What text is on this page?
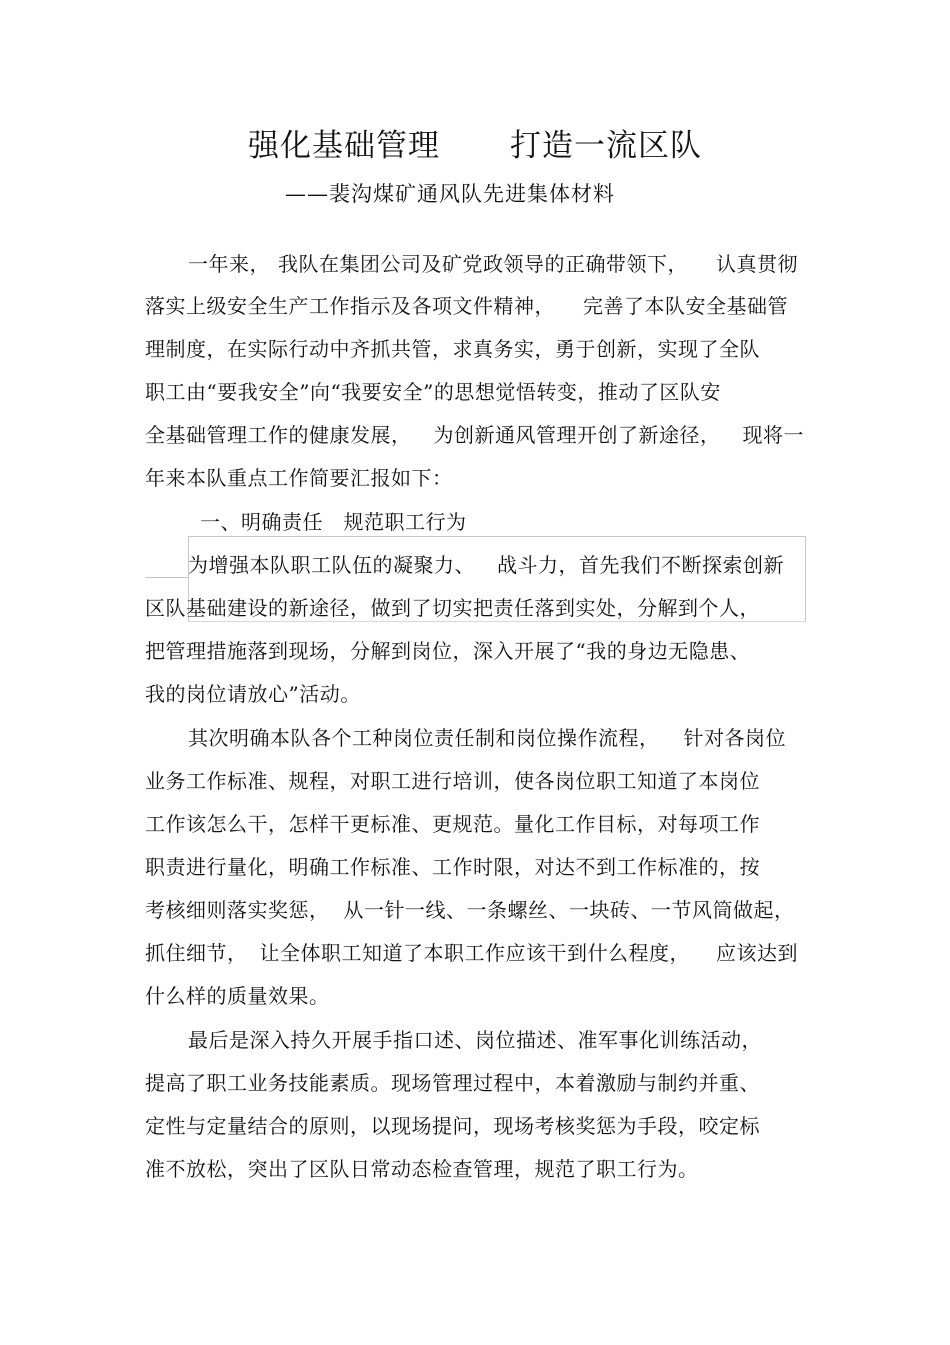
强化基础管理 打造一流区队
——裴沟煤矿通风队先进集体材料
一年来， 我队在集团公司及矿党政领导的正确带领下， 认真贯彻
落实上级安全生产工作指示及各项文件精神， 完善了本队安全基础管
理制度，在实际行动中齐抓共管，求真务实，勇于创新，实现了全队
职工由“要我安全”向“我要安全”的思想觉悟转变，推动了区队安
全基础管理工作的健康发展， 为创新通风管理开创了新途径， 现将一
年来本队重点工作简要汇报如下：
一、明确责任　规范职工行为
为增强本队职工队伍的凝聚力、 战斗力，首先我们不断探索创新
区队基础建设的新途径，做到了切实把责任落到实处，分解到个人，
把管理措施落到现场，分解到岗位，深入开展了“我的身边无隐患、
我的岗位请放心”活动。
其次明确本队各个工种岗位责任制和岗位操作流程， 针对各岗位
业务工作标准、规程，对职工进行培训，使各岗位职工知道了本岗位
工作该怎么干，怎样干更标准、更规范。量化工作目标，对每项工作
职责进行量化，明确工作标准、工作时限，对达不到工作标准的，按
考核细则落实奖惩， 从一针一线、一条螺丝、一块砖、一节风筒做起，
抓住细节， 让全体职工知道了本职工作应该干到什么程度， 应该达到
什么样的质量效果。
最后是深入持久开展手指口述、岗位描述、准军事化训练活动，
提高了职工业务技能素质。现场管理过程中，本着激励与制约并重、
定性与定量结合的原则，以现场提问，现场考核奖惩为手段，咬定标
准不放松，突出了区队日常动态检查管理，规范了职工行为。
